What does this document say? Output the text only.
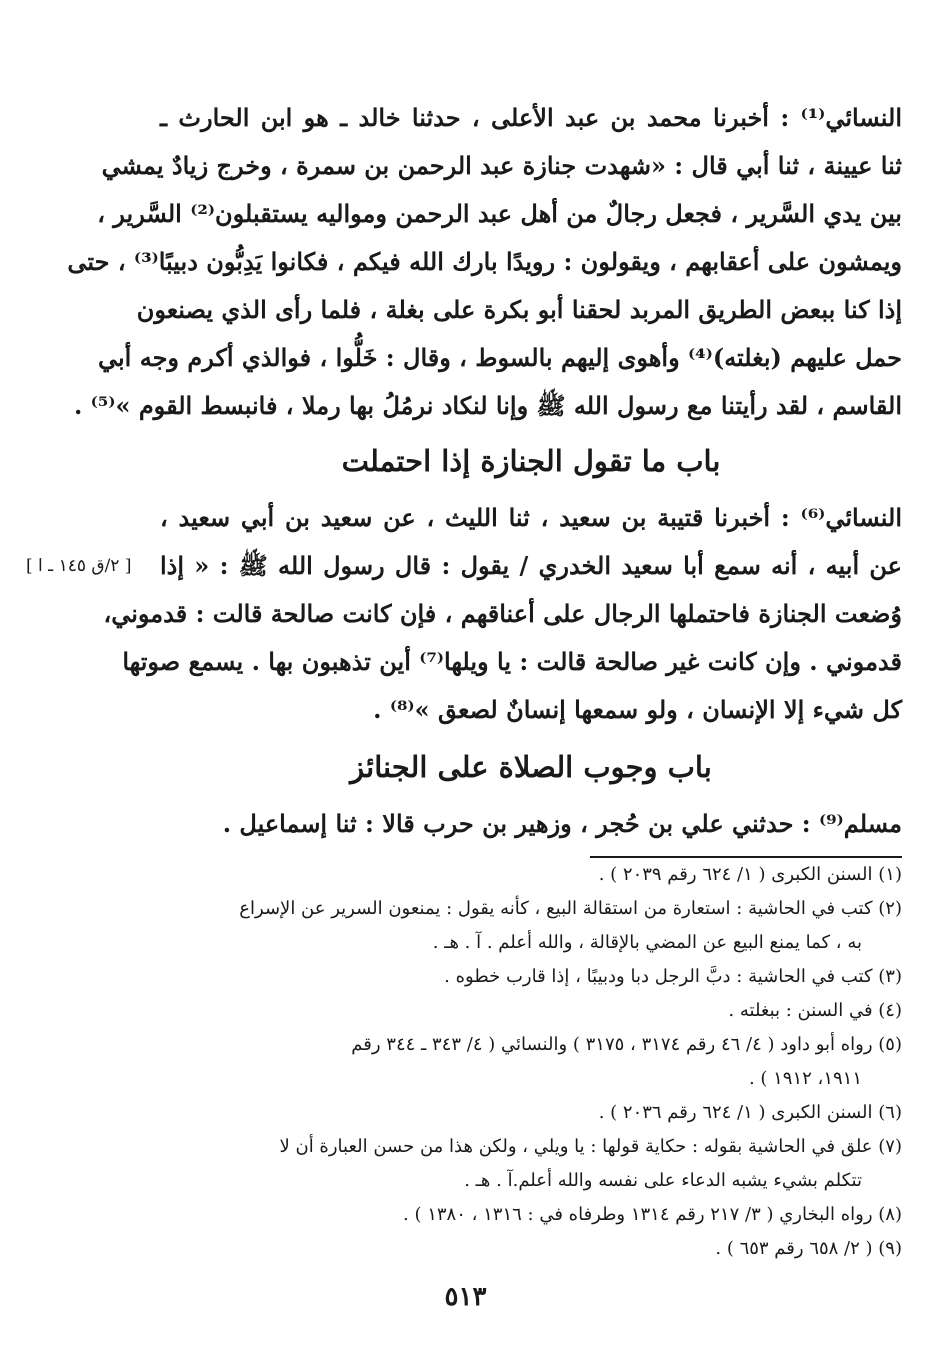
النسائي⁽¹⁾ : أخبرنا محمد بن عبد الأعلى ، حدثنا خالد ـ هو ابن الحارث ـ
ثنا عيينة ، ثنا أبي قال : «شهدت جنازة عبد الرحمن بن سمرة ، وخرج زيادٌ يمشي
بين يدي السَّرير ، فجعل رجالٌ من أهل عبد الرحمن ومواليه يستقبلون⁽²⁾ السَّرير ،
ويمشون على أعقابهم ، ويقولون : رويدًا بارك الله فيكم ، فكانوا يَدِبُّون دبيبًا⁽³⁾ ، حتى
إذا كنا ببعض الطريق المربد لحقنا أبو بكرة على بغلة ، فلما رأى الذي يصنعون
حمل عليهم (بغلته)⁽⁴⁾ وأهوى إليهم بالسوط ، وقال : خَلُّوا ، فوالذي أكرم وجه أبي
القاسم ، لقد رأيتنا مع رسول الله ﷺ وإنا لنكاد نرمُلُ بها رملا ، فانبسط القوم »⁽⁵⁾ .
باب ما تقول الجنازة إذا احتملت
النسائي⁽⁶⁾ : أخبرنا قتيبة بن سعيد ، ثنا الليث ، عن سعيد بن أبي سعيد ،
عن أبيه ، أنه سمع أبا سعيد الخدري / يقول : قال رسول الله ﷺ : « إذا
وُضعت الجنازة فاحتملها الرجال على أعناقهم ، فإن كانت صالحة قالت : قدموني،
قدموني . وإن كانت غير صالحة قالت : يا ويلها⁽⁷⁾ أين تذهبون بها . يسمع صوتها
كل شيء إلا الإنسان ، ولو سمعها إنسانٌ لصعق »⁽⁸⁾ .
[ ٢/ق ١٤٥ ـ ا ]
باب وجوب الصلاة على الجنائز
مسلم⁽⁹⁾ : حدثني علي بن حُجر ، وزهير بن حرب قالا : ثنا إسماعيل .
(١) السنن الكبرى ( ١/ ٦٢٤ رقم ٢٠٣٩ ) .
(٢) كتب في الحاشية : استعارة من استقالة البيع ، كأنه يقول : يمنعون السرير عن الإسراع
به ، كما يمنع البيع عن المضي بالإقالة ، والله أعلم . آ . هـ .
(٣) كتب في الحاشية : دبَّ الرجل دبا ودبيبًا ، إذا قارب خطوه .
(٤) في السنن : ببغلته .
(٥) رواه أبو داود ( ٤/ ٤٦ رقم ٣١٧٤ ، ٣١٧٥ ) والنسائي ( ٤/ ٣٤٣ ـ ٣٤٤ رقم
١٩١١، ١٩١٢ ) .
(٦) السنن الكبرى ( ١/ ٦٢٤ رقم ٢٠٣٦ ) .
(٧) علق في الحاشية بقوله : حكاية قولها : يا ويلي ، ولكن هذا من حسن العبارة أن لا
تتكلم بشيء يشبه الدعاء على نفسه والله أعلم.آ . هـ .
(٨) رواه البخاري ( ٣/ ٢١٧ رقم ١٣١٤ وطرفاه في : ١٣١٦ ، ١٣٨٠ ) .
(٩) ( ٢/ ٦٥٨ رقم ٦٥٣ ) .
٥١٣
